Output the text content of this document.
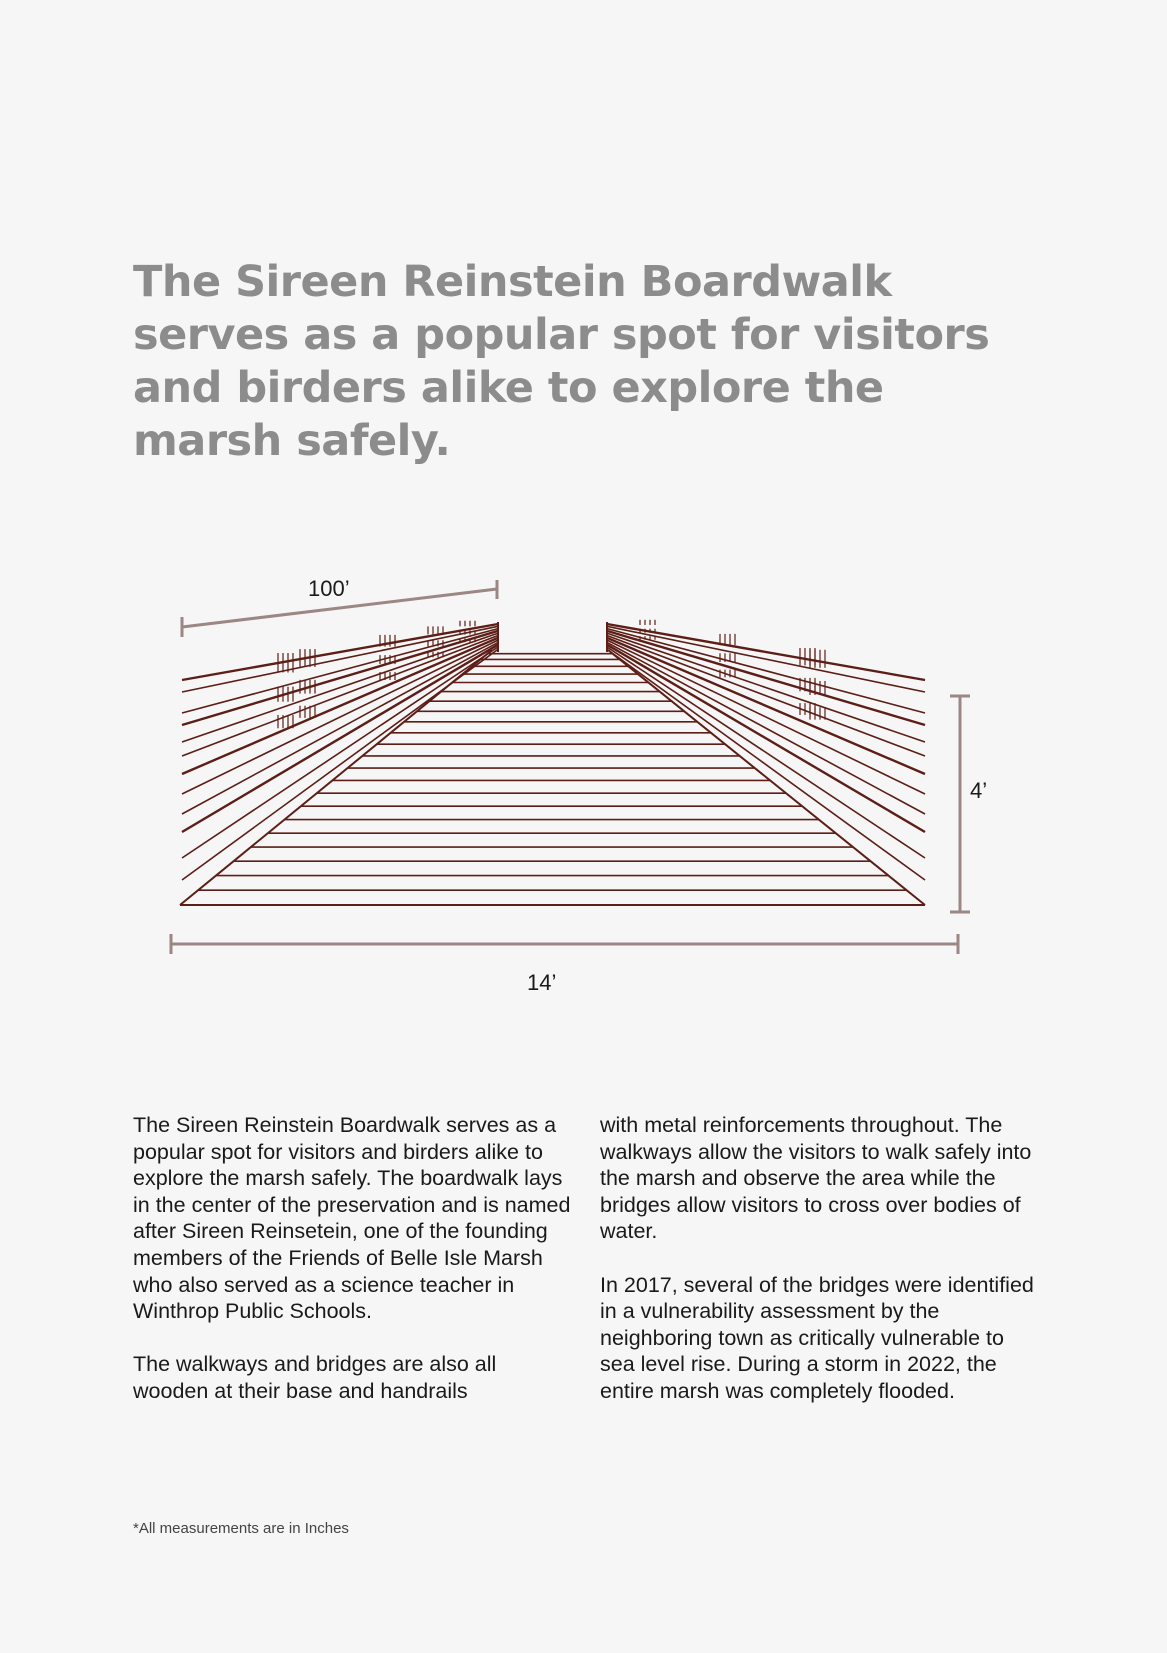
The Sireen Reinstein Boardwalk serves as a popular spot for visitors and birders alike to explore the marsh safely.
100’
4’
14’

The Sireen Reinstein Boardwalk serves as a popular spot for visitors and birders alike to explore the marsh safely. The boardwalk lays in the center of the preservation and is named after Sireen Reinsetein, one of the founding members of the Friends of Belle Isle Marsh who also served as a science teacher in Winthrop Public Schools.

The walkways and bridges are also all wooden at their base and handrails

with metal reinforcements throughout. The walkways allow the visitors to walk safely into the marsh and observe the area while the bridges allow visitors to cross over bodies of water.

In 2017, several of the bridges were identified in a vulnerability assessment by the neighboring town as critically vulnerable to sea level rise. During a storm in 2022, the entire marsh was completely flooded.

*All measurements are in Inches
